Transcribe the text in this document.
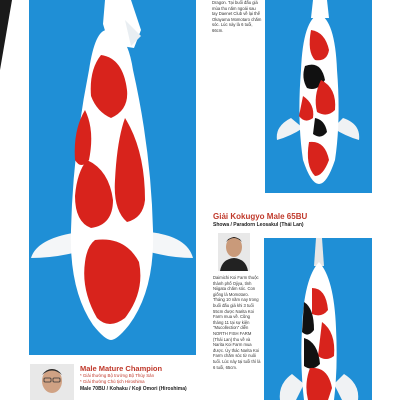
Dragon. Tại buổi đấu giá mùa thu năm ngoái sau tay Daenet Club về lại thế Okayama Momotaro chăm sóc. Lúc này là 6 tuổi, 66cm.
Giải Kokugyo Male 65BU
Showa / Paradorn Leosakul (Thái Lan)
Daimichi Koi Farm thuộc thành phố Ojiya, tỉnh Niigata chăm sóc. Con giống là Momotaro. Tháng 10 năm nay trong buổi đấu giá khi 3 tuổi 55cm được Narita Koi Farm mua về. Cũng tháng 11 tại sự kiện "Mucollection" diễn NORTH FISH FARM (Thái Lan) thu về và Narita Koi Farm mua được. Ủy thác Narita Koi Farm chăm sóc từ nuôi tuổi. Lúc này tại tuổi thì là 6 tuổi, 65cm.
Male Mature Champion
* Giải thưởng Bộ trưởng Bộ Thủy Sản
* Giải thưởng Chủ tịch Hiroshima
Male 70BU / Kohaku / Koji Omori (Hiroshima)
